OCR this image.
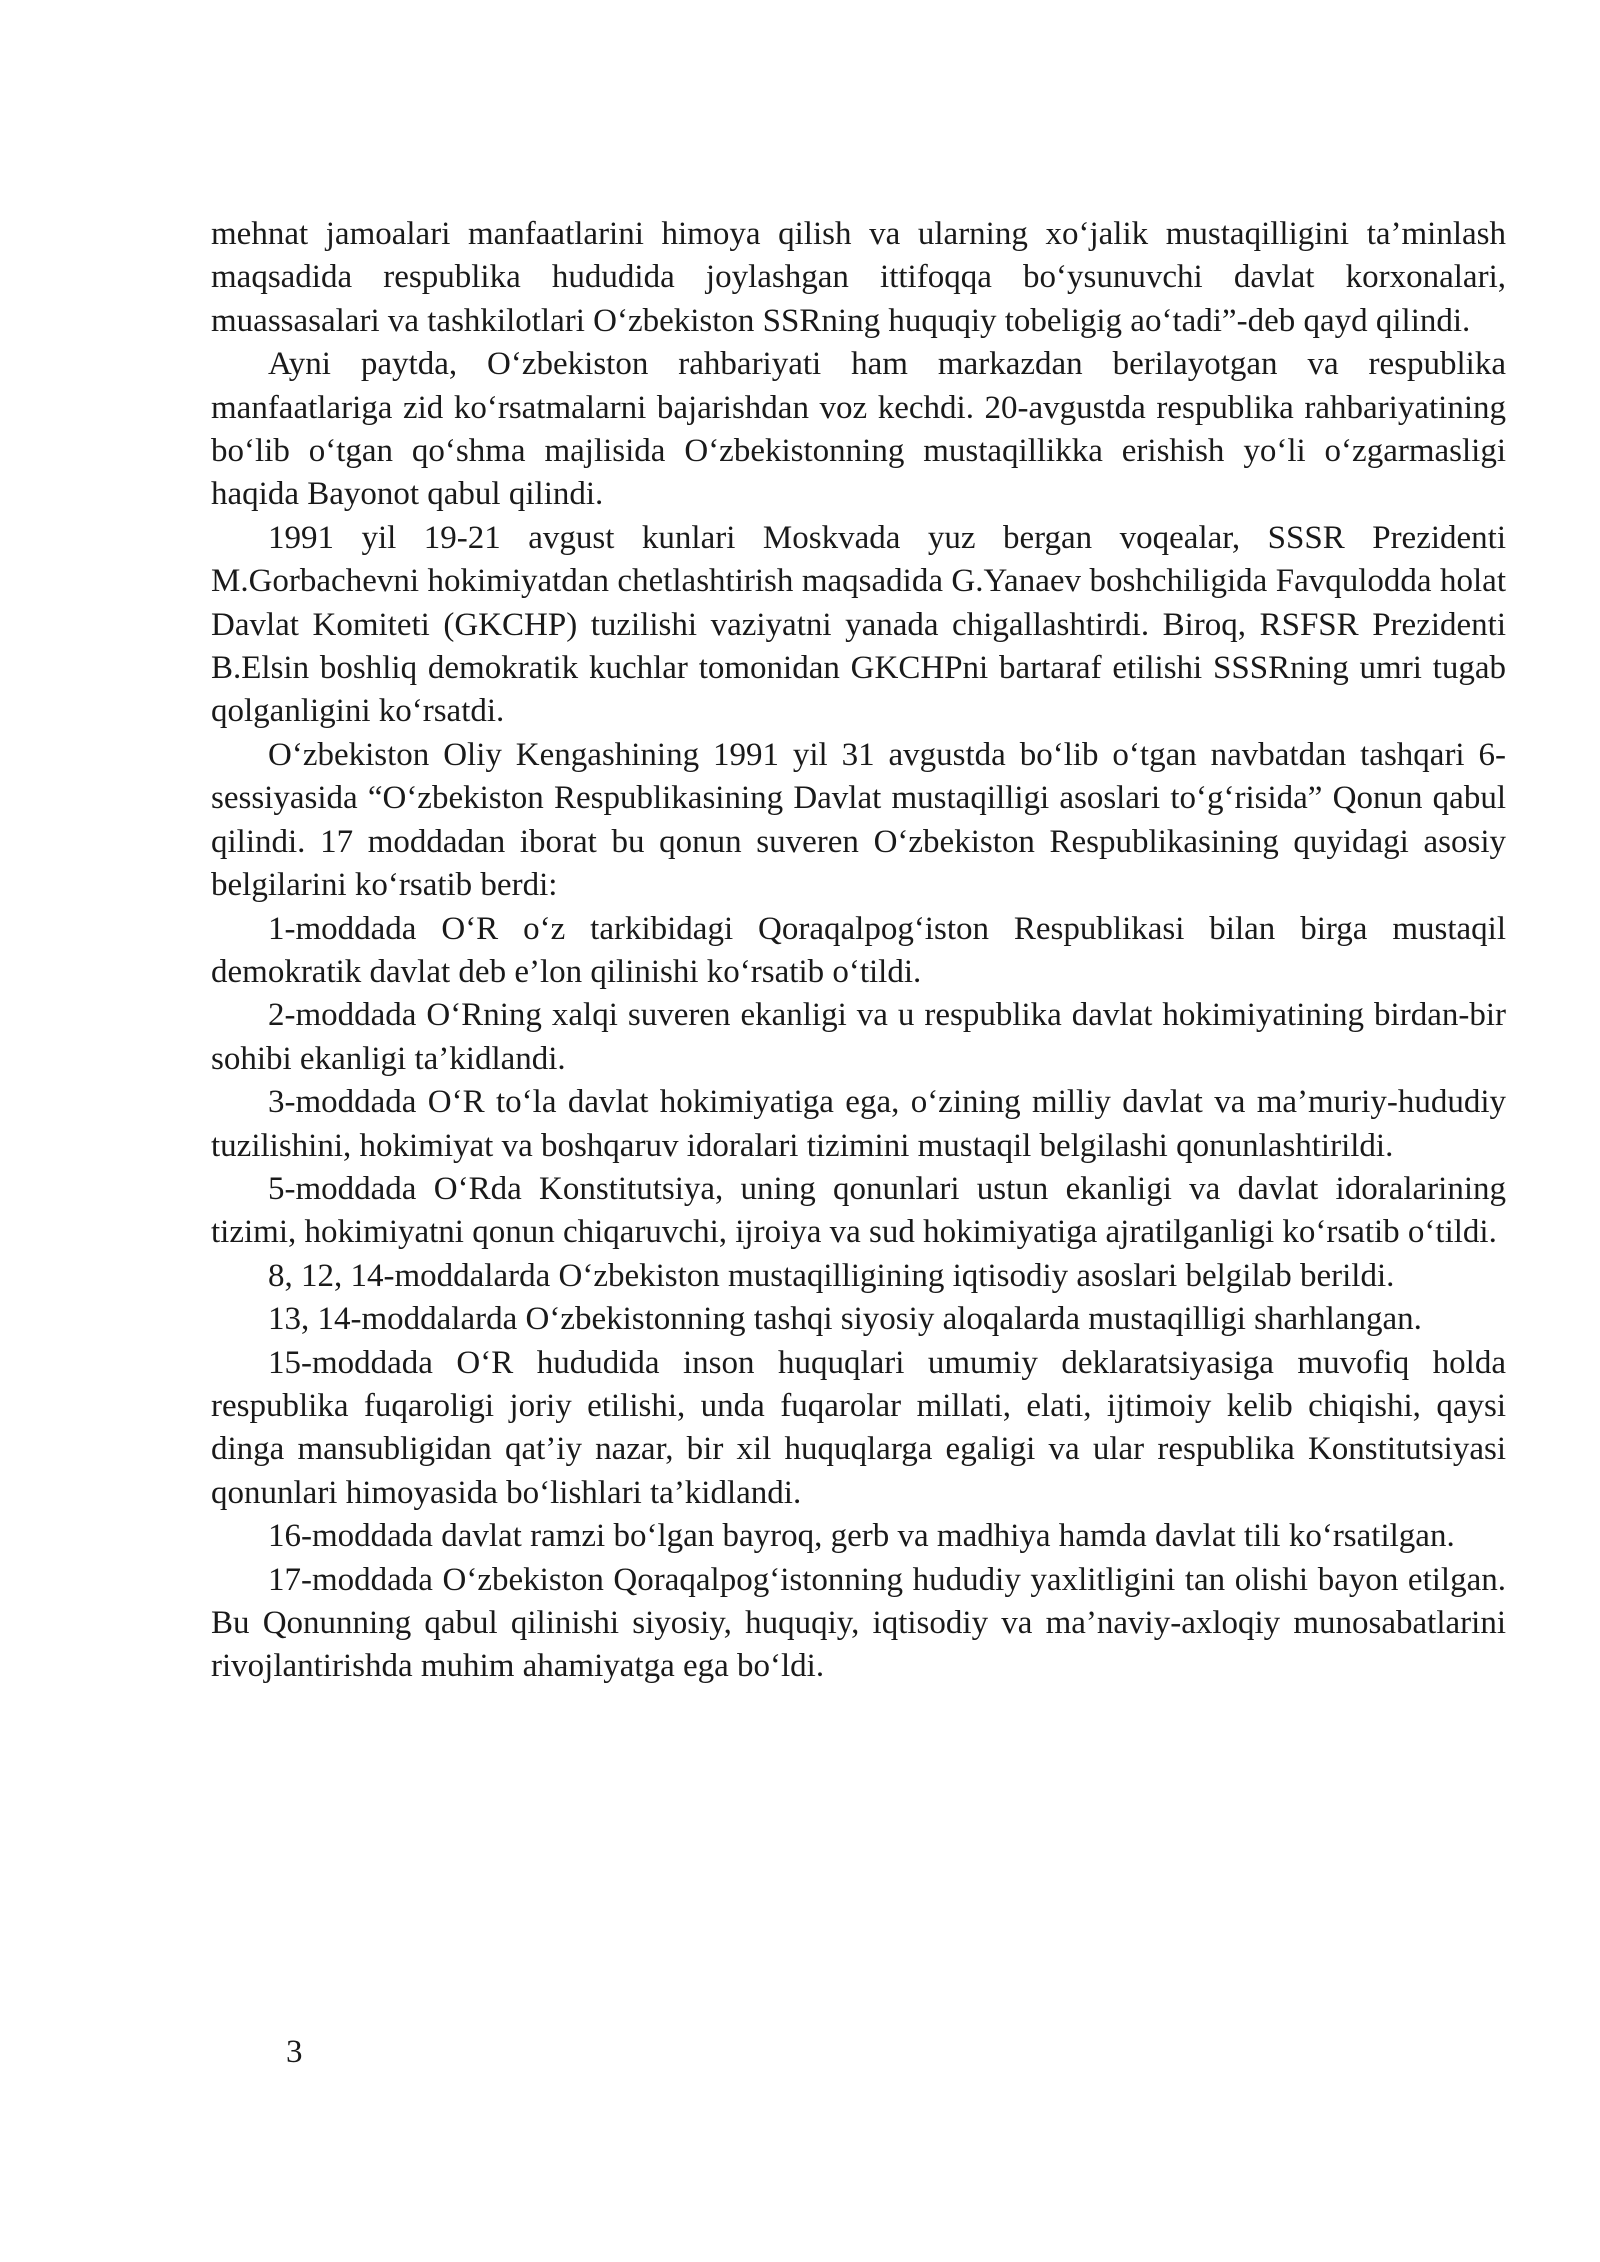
mehnat jamoalari manfaatlarini himoya qilish va ularning xo‘jalik mustaqilligini ta’minlash maqsadida respublika hududida joylashgan ittifoqqa bo‘ysunuvchi davlat korxonalari, muassasalari va tashkilotlari O‘zbekiston SSRning huquqiy tobeligig ao‘tadi”-deb qayd qilindi.

Ayni paytda, O‘zbekiston rahbariyati ham markazdan berilayotgan va respublika manfaatlariga zid ko‘rsatmalarni bajarishdan voz kechdi. 20-avgustda respublika rahbariyatining bo‘lib o‘tgan qo‘shma majlisida O‘zbekistonning mustaqillikka erishish yo‘li o‘zgarmasligi haqida Bayonot qabul qilindi.

1991 yil 19-21 avgust kunlari Moskvada yuz bergan voqealar, SSSR Prezidenti M.Gorbachevni hokimiyatdan chetlashtirish maqsadida G.Yanaev boshchiligida Favqulodda holat Davlat Komiteti (GKCHP) tuzilishi vaziyatni yanada chigallashtirdi. Biroq, RSFSR Prezidenti B.Elsin boshliq demokratik kuchlar tomonidan GKCHPni bartaraf etilishi SSSRning umri tugab qolganligini ko‘rsatdi.

O‘zbekiston Oliy Kengashining 1991 yil 31 avgustda bo‘lib o‘tgan navbatdan tashqari 6-sessiyasida “O‘zbekiston Respublikasining Davlat mustaqilligi asoslari to‘g‘risida” Qonun qabul qilindi. 17 moddadan iborat bu qonun suveren O‘zbekiston Respublikasining quyidagi asosiy belgilarini ko‘rsatib berdi:

1-moddada O‘R o‘z tarkibidagi Qoraqalpog‘iston Respublikasi bilan birga mustaqil demokratik davlat deb e’lon qilinishi ko‘rsatib o‘tildi.

2-moddada O‘Rning xalqi suveren ekanligi va u respublika davlat hokimiyatining birdan-bir sohibi ekanligi ta’kidlandi.

3-moddada O‘R to‘la davlat hokimiyatiga ega, o‘zining milliy davlat va ma’muriy-hududiy tuzilishini, hokimiyat va boshqaruv idoralari tizimini mustaqil belgilashi qonunlashtirildi.

5-moddada O‘Rda Konstitutsiya, uning qonunlari ustun ekanligi va davlat idoralarining tizimi, hokimiyatni qonun chiqaruvchi, ijroiya va sud hokimiyatiga ajratilganligi ko‘rsatib o‘tildi.

8, 12, 14-moddalarda O‘zbekiston mustaqilligining iqtisodiy asoslari belgilab berildi.

13, 14-moddalarda O‘zbekistonning tashqi siyosiy aloqalarda mustaqilligi sharhlangan.

15-moddada O‘R hududida inson huquqlari umumiy deklaratsiyasiga muvofiq holda respublika fuqaroligi joriy etilishi, unda fuqarolar millati, elati, ijtimoiy kelib chiqishi, qaysi dinga mansubligidan qat’iy nazar, bir xil huquqlarga egaligi va ular respublika Konstitutsiyasi qonunlari himoyasida bo‘lishlari ta’kidlandi.

16-moddada davlat ramzi bo‘lgan bayroq, gerb va madhiya hamda davlat tili ko‘rsatilgan.

17-moddada O‘zbekiston Qoraqalpog‘istonning hududiy yaxlitligini tan olishi bayon etilgan. Bu Qonunning qabul qilinishi siyosiy, huquqiy, iqtisodiy va ma’naviy-axloqiy munosabatlarini rivojlantirishda muhim ahamiyatga ega bo‘ldi.

3
